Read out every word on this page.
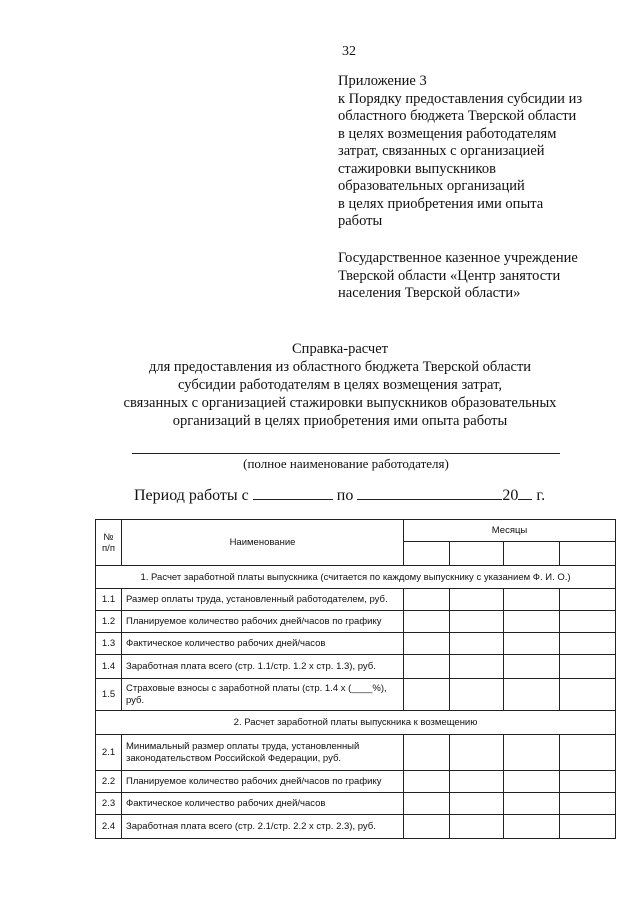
32
Приложение 3
к Порядку предоставления субсидии из
областного бюджета Тверской области
в целях возмещения работодателям
затрат, связанных с организацией
стажировки выпускников
образовательных организаций
в целях приобретения ими опыта
работы
Государственное казенное учреждение
Тверской области «Центр занятости
населения Тверской области»
Справка-расчет
для предоставления из областного бюджета Тверской области
субсидии работодателям в целях возмещения затрат,
связанных с организацией стажировки выпускников образовательных
организаций в целях приобретения ими опыта работы
(полное наименование работодателя)
Период работы с	по	20 г.
№ п/п	Наименование	Месяцы			

1. Расчет заработной платы выпускника (считается по каждому выпускнику с указанием Ф. И. О.)					
1.1	Размер оплаты труда, установленный работодателем, руб.				
1.2	Планируемое количество рабочих дней/часов по графику				
1.3	Фактическое количество рабочих дней/часов				
1.4	Заработная плата всего (стр. 1.1/стр. 1.2 х стр. 1.3), руб.				
1.5	Страховые взносы с заработной платы (стр. 1.4 х (____%), руб.				
2. Расчет заработной платы выпускника к возмещению					
2.1	Минимальный размер оплаты труда, установленный законодательством Российской Федерации, руб.				
2.2	Планируемое количество рабочих дней/часов по графику				
2.3	Фактическое количество рабочих дней/часов				
2.4	Заработная плата всего (стр. 2.1/стр. 2.2 х стр. 2.3), руб.				
